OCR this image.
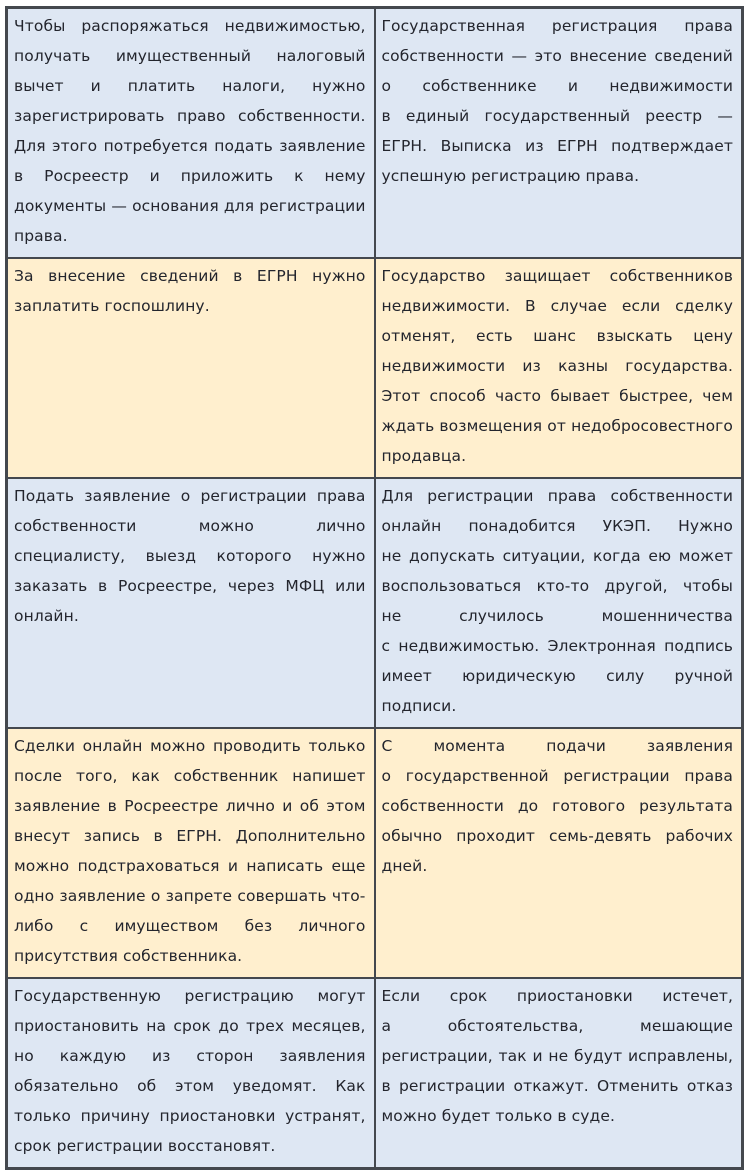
Чтобы распоряжаться недвижимостью, получать имущественный налоговый вычет и платить налоги, нужно зарегистрировать право собственности. Для этого потребуется подать заявление в Росреестр и приложить к нему документы — основания для регистрации права.	Государственная регистрация права собственности — это внесение сведений о собственнике и недвижимости в единый государственный реестр — ЕГРН. Выписка из ЕГРН подтверждает успешную регистрацию права.
За внесение сведений в ЕГРН нужно заплатить госпошлину.	Государство защищает собственников недвижимости. В случае если сделку отменят, есть шанс взыскать цену недвижимости из казны государства. Этот способ часто бывает быстрее, чем ждать возмещения от недобросовестного продавца.
Подать заявление о регистрации права собственности можно лично специалисту, выезд которого нужно заказать в Росреестре, через МФЦ или онлайн.	Для регистрации права собственности онлайн понадобится УКЭП. Нужно не допускать ситуации, когда ею может воспользоваться кто-то другой, чтобы не случилось мошенничества с недвижимостью. Электронная подпись имеет юридическую силу ручной подписи.
Сделки онлайн можно проводить только после того, как собственник напишет заявление в Росреестре лично и об этом внесут запись в ЕГРН. Дополнительно можно подстраховаться и написать еще одно заявление о запрете совершать что-либо с имуществом без личного присутствия собственника.	С момента подачи заявления о государственной регистрации права собственности до готового результата обычно проходит семь-девять рабочих дней.
Государственную регистрацию могут приостановить на срок до трех месяцев, но каждую из сторон заявления обязательно об этом уведомят. Как только причину приостановки устранят, срок регистрации восстановят.	Если срок приостановки истечет, а обстоятельства, мешающие регистрации, так и не будут исправлены, в регистрации откажут. Отменить отказ можно будет только в суде.
